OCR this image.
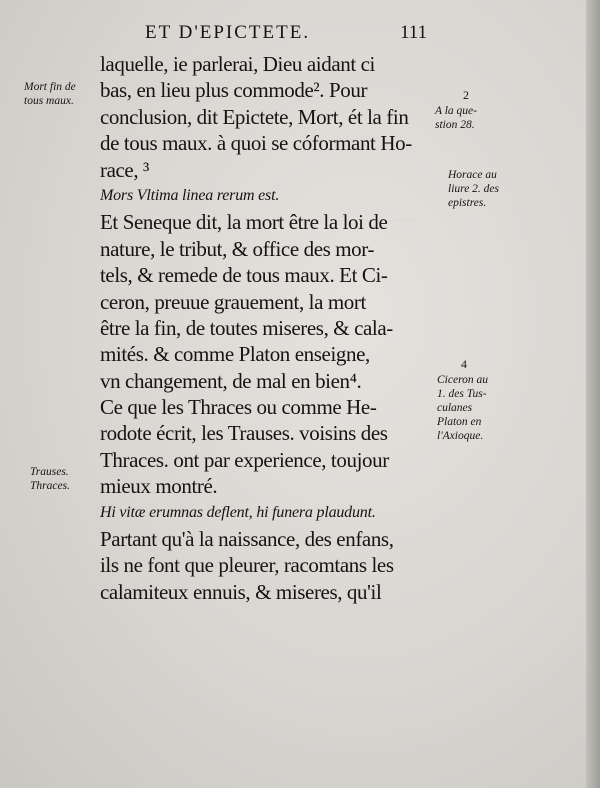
ET D'EPICTETE.	111
Mort fin de
tous maux.
Trauses.
Thraces.
2
A la que-
stion 28.
Horace au
liure 2. des
epistres.
4
Ciceron au
1. des Tus-
culanes
Platon en
l'Axioque.
laquelle, ie parlerai, Dieu aidant ci
bas, en lieu plus commode². Pour
conclusion, dit Epictete, Mort, ét la fin
de tous maux. à quoi se cóformant Ho-
race, ³
Mors Vltima linea rerum est.
Et Seneque dit, la mort être la loi de
nature, le tribut, & office des mor-
tels, & remede de tous maux. Et Ci-
ceron, preuue grauement, la mort
être la fin, de toutes miseres, & cala-
mités. & comme Platon enseigne,
vn changement, de mal en bien⁴.
Ce que les Thraces ou comme He-
rodote écrit, les Trauses. voisins des
Thraces. ont par experience, toujour
mieux montré.
Hi vitæ erumnas deflent, hi funera plaudunt.
Partant qu'à la naissance, des enfans,
ils ne font que pleurer, racomtans les
calamiteux ennuis, & miseres, qu'il
